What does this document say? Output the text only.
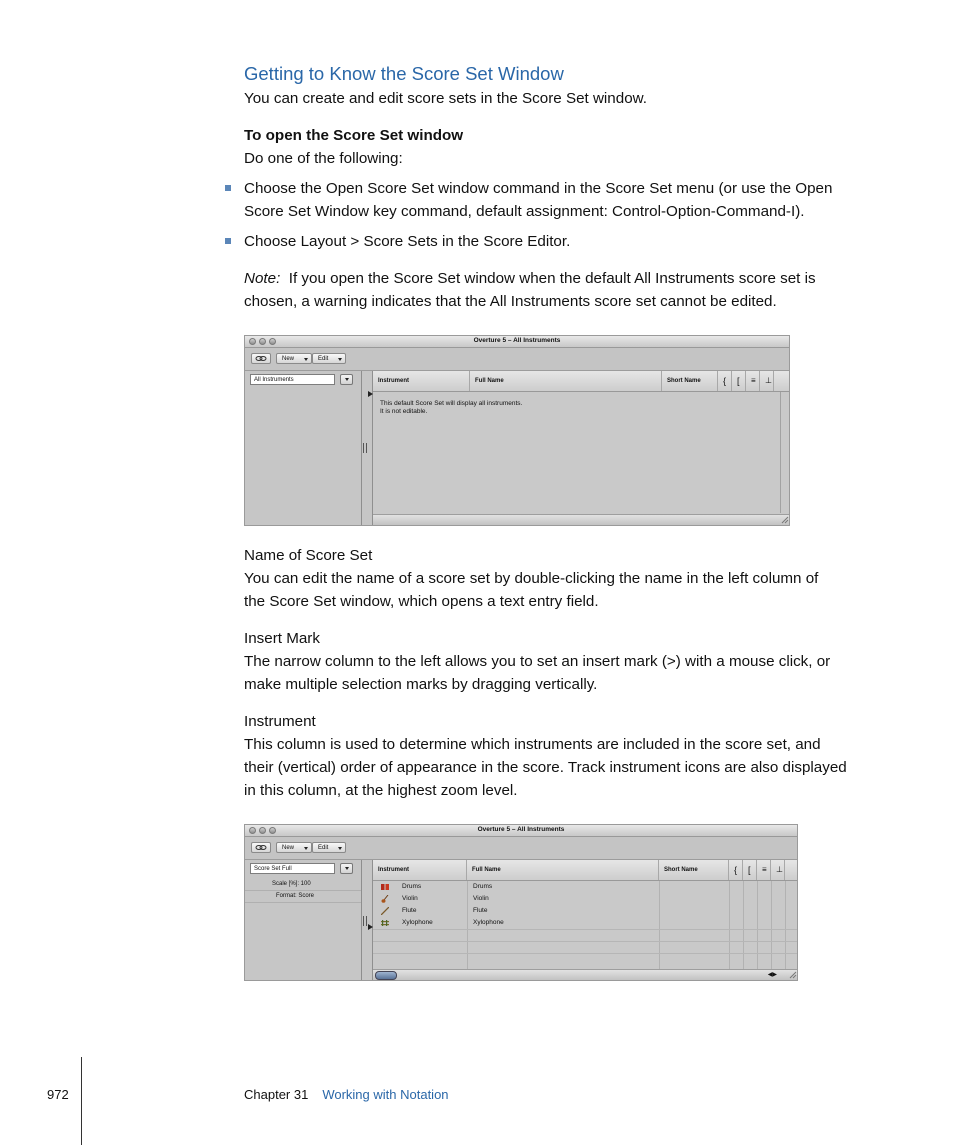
Getting to Know the Score Set Window
You can create and edit score sets in the Score Set window.
To open the Score Set window
Do one of the following:
Choose the Open Score Set window command in the Score Set menu (or use the Open
Score Set Window key command, default assignment: Control-Option-Command-I).
Choose Layout > Score Sets in the Score Editor.
Note: If you open the Score Set window when the default All Instruments score set is
chosen, a warning indicates that the All Instruments score set cannot be edited.
Overture 5 – All Instruments
New	Edit
All Instruments	Instrument	Full Name	Short Name	{	[	≡	⊥
This default Score Set will display all instruments.
It is not editable.
Name of Score Set
You can edit the name of a score set by double-clicking the name in the left column of
the Score Set window, which opens a text entry field.
Insert Mark
The narrow column to the left allows you to set an insert mark (>) with a mouse click, or
make multiple selection marks by dragging vertically.
Instrument
This column is used to determine which instruments are included in the score set, and
their (vertical) order of appearance in the score. Track instrument icons are also displayed
in this column, at the highest zoom level.
Overture 5 – All Instruments
New	Edit
Score Set Full
Scale [%]: 100
Format: Score
Instrument	Full Name	Short Name	{	[	≡	⊥
Drums	Drums
Violin	Violin
Flute	Flute
Xylophone	Xylophone
◀▶
972	Chapter 31 Working with Notation
